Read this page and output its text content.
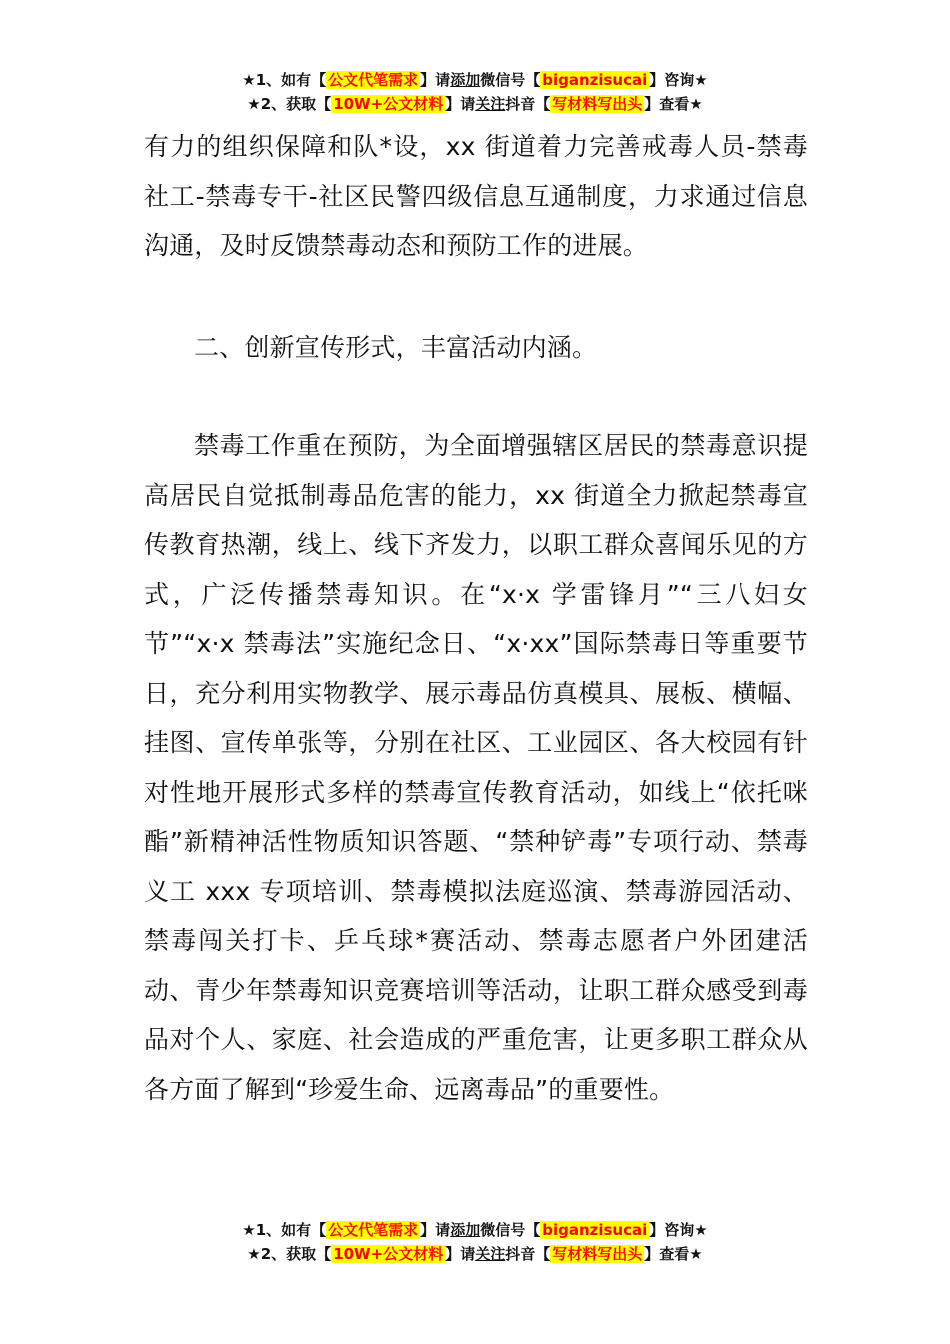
★1、如有【 公文代笔需求 】请添加微信号【 biganzisucai 】咨询★
★2、获取【 10W+公文材料 】请关注抖音【 写材料写出头 】查看★

有力的组织保障和队*设，xx 街道着力完善戒毒人员-禁毒社工-禁毒专干-社区民警四级信息互通制度，力求通过信息沟通，及时反馈禁毒动态和预防工作的进展。

二、创新宣传形式，丰富活动内涵。

禁毒工作重在预防，为全面增强辖区居民的禁毒意识提高居民自觉抵制毒品危害的能力，xx 街道全力掀起禁毒宣传教育热潮，线上、线下齐发力，以职工群众喜闻乐见的方式，广泛传播禁毒知识。在“x·x 学雷锋月”“三八妇女节”“x·x 禁毒法”实施纪念日、“x·xx”国际禁毒日等重要节日，充分利用实物教学、展示毒品仿真模具、展板、横幅、挂图、宣传单张等，分别在社区、工业园区、各大校园有针对性地开展形式多样的禁毒宣传教育活动，如线上“依托咪酯”新精神活性物质知识答题、“禁种铲毒”专项行动、禁毒义工 xxx 专项培训、禁毒模拟法庭巡演、禁毒游园活动、禁毒闯关打卡、乒乓球*赛活动、禁毒志愿者户外团建活动、青少年禁毒知识竞赛培训等活动，让职工群众感受到毒品对个人、家庭、社会造成的严重危害，让更多职工群众从各方面了解到“珍爱生命、远离毒品”的重要性。

★1、如有【 公文代笔需求 】请添加微信号【 biganzisucai 】咨询★
★2、获取【 10W+公文材料 】请关注抖音【 写材料写出头 】查看★
